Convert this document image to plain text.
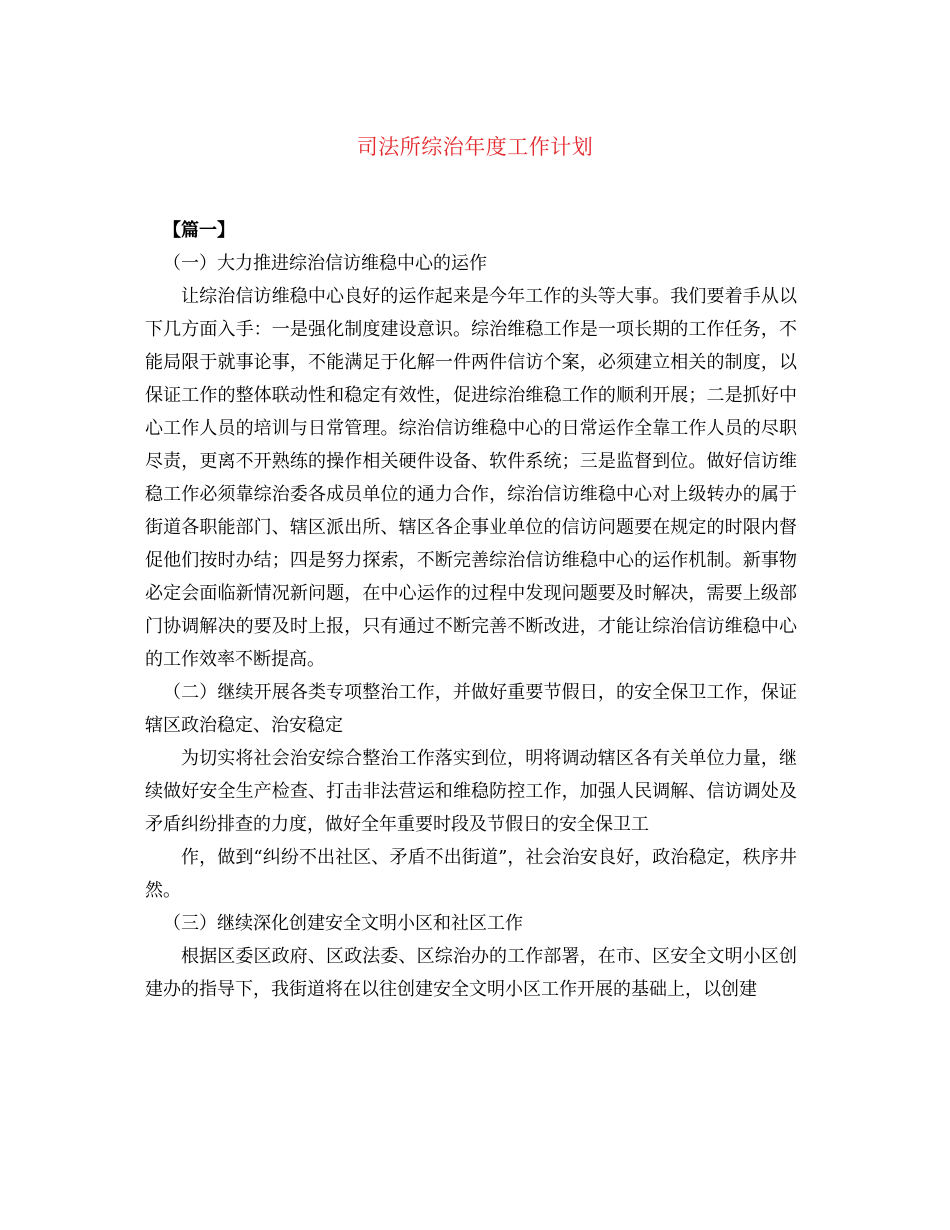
司法所综治年度工作计划

【篇一】

（一）大力推进综治信访维稳中心的运作

让综治信访维稳中心良好的运作起来是今年工作的头等大事。我们要着手从以下几方面入手：一是强化制度建设意识。综治维稳工作是一项长期的工作任务，不能局限于就事论事，不能满足于化解一件两件信访个案，必须建立相关的制度，以保证工作的整体联动性和稳定有效性，促进综治维稳工作的顺利开展；二是抓好中心工作人员的培训与日常管理。综治信访维稳中心的日常运作全靠工作人员的尽职尽责，更离不开熟练的操作相关硬件设备、软件系统；三是监督到位。做好信访维稳工作必须靠综治委各成员单位的通力合作，综治信访维稳中心对上级转办的属于街道各职能部门、辖区派出所、辖区各企事业单位的信访问题要在规定的时限内督促他们按时办结；四是努力探索，不断完善综治信访维稳中心的运作机制。新事物必定会面临新情况新问题，在中心运作的过程中发现问题要及时解决，需要上级部门协调解决的要及时上报，只有通过不断完善不断改进，才能让综治信访维稳中心的工作效率不断提高。

（二）继续开展各类专项整治工作，并做好重要节假日，的安全保卫工作，保证辖区政治稳定、治安稳定

为切实将社会治安综合整治工作落实到位，明将调动辖区各有关单位力量，继续做好安全生产检查、打击非法营运和维稳防控工作，加强人民调解、信访调处及矛盾纠纷排查的力度，做好全年重要时段及节假日的安全保卫工

作，做到“纠纷不出社区、矛盾不出街道”，社会治安良好，政治稳定，秩序井然。

（三）继续深化创建安全文明小区和社区工作

根据区委区政府、区政法委、区综治办的工作部署，在市、区安全文明小区创建办的指导下，我街道将在以往创建安全文明小区工作开展的基础上，以创建
